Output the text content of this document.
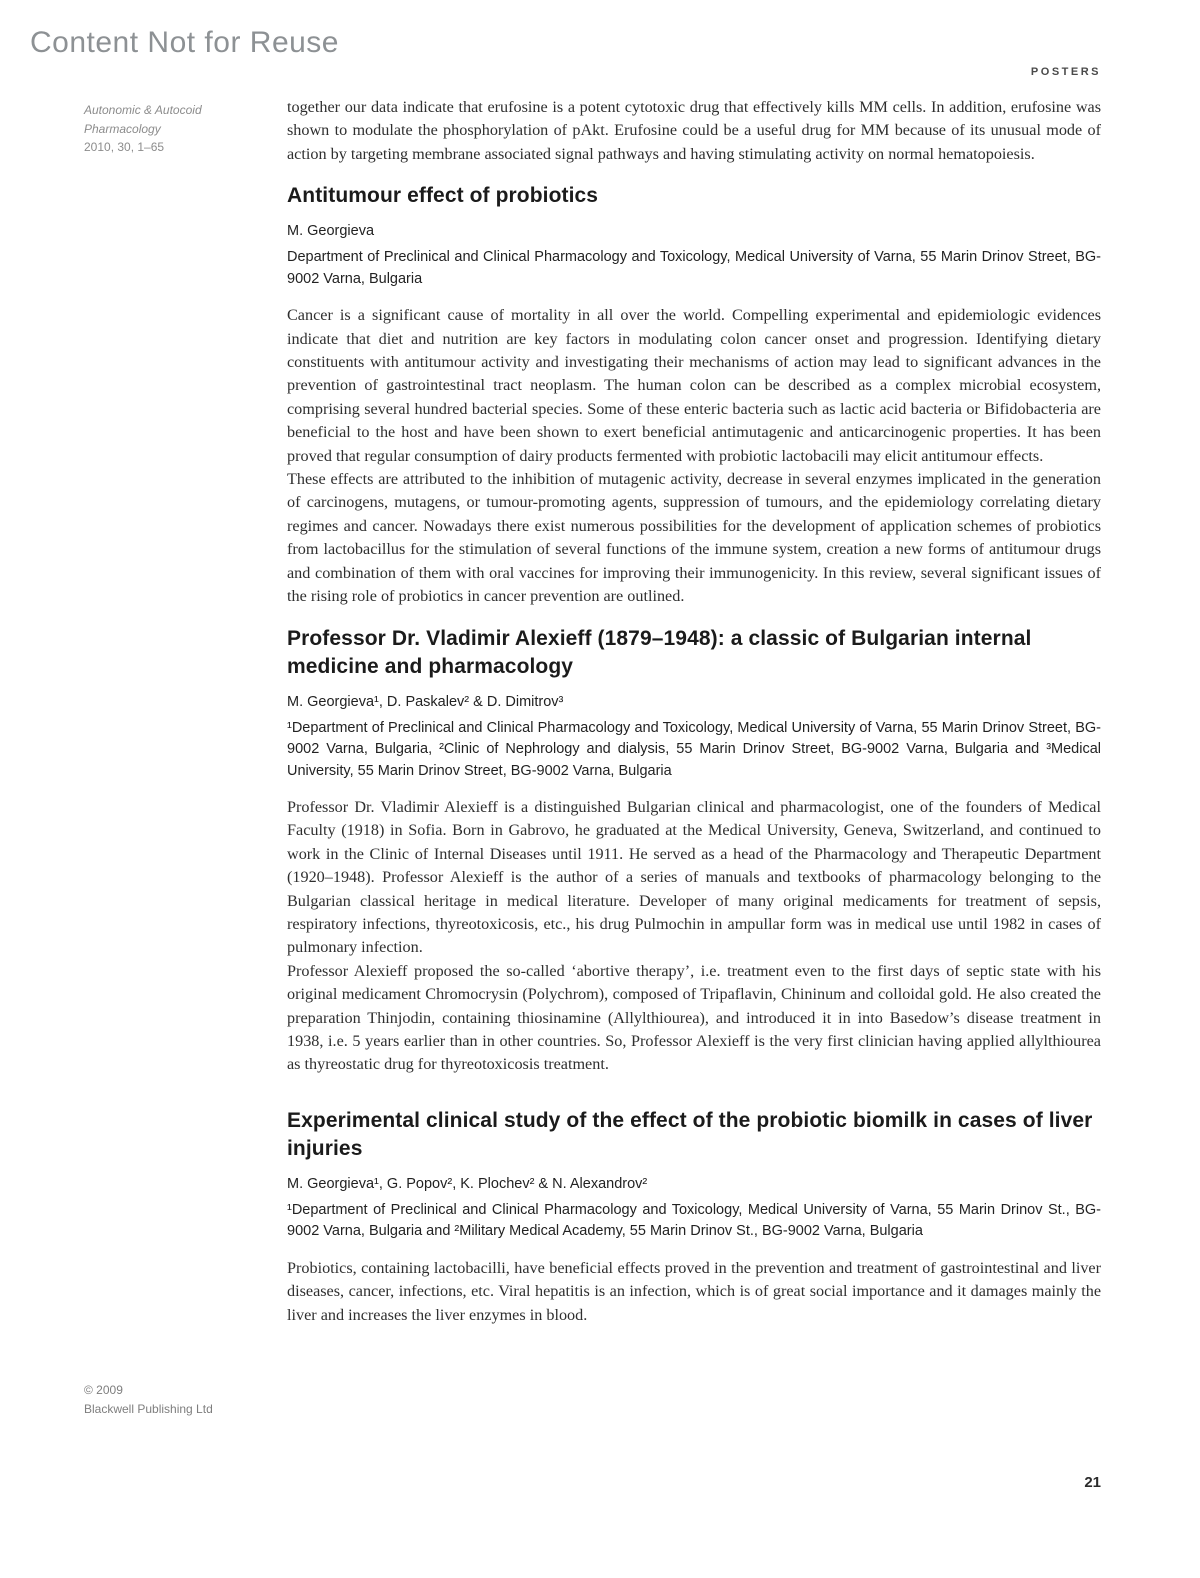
Content Not for Reuse
POSTERS
Autonomic & Autocoid
Pharmacology
2010, 30, 1–65

together our data indicate that erufosine is a potent cytotoxic drug that effectively kills MM cells. In addition, erufosine was shown to modulate the phosphorylation of pAkt. Erufosine could be a useful drug for MM because of its unusual mode of action by targeting membrane associated signal pathways and having stimulating activity on normal hematopoiesis.

Antitumour effect of probiotics

M. Georgieva

Department of Preclinical and Clinical Pharmacology and Toxicology, Medical University of Varna, 55 Marin Drinov Street, BG-9002 Varna, Bulgaria

Cancer is a significant cause of mortality in all over the world. Compelling experimental and epidemiologic evidences indicate that diet and nutrition are key factors in modulating colon cancer onset and progression. Identifying dietary constituents with antitumour activity and investigating their mechanisms of action may lead to significant advances in the prevention of gastrointestinal tract neoplasm. The human colon can be described as a complex microbial ecosystem, comprising several hundred bacterial species. Some of these enteric bacteria such as lactic acid bacteria or Bifidobacteria are beneficial to the host and have been shown to exert beneficial antimutagenic and anticarcinogenic properties. It has been proved that regular consumption of dairy products fermented with probiotic lactobacili may elicit antitumour effects.

These effects are attributed to the inhibition of mutagenic activity, decrease in several enzymes implicated in the generation of carcinogens, mutagens, or tumour-promoting agents, suppression of tumours, and the epidemiology correlating dietary regimes and cancer. Nowadays there exist numerous possibilities for the development of application schemes of probiotics from lactobacillus for the stimulation of several functions of the immune system, creation a new forms of antitumour drugs and combination of them with oral vaccines for improving their immunogenicity. In this review, several significant issues of the rising role of probiotics in cancer prevention are outlined.

Professor Dr. Vladimir Alexieff (1879–1948): a classic of Bulgarian internal medicine and pharmacology

M. Georgieva¹, D. Paskalev² & D. Dimitrov³

¹Department of Preclinical and Clinical Pharmacology and Toxicology, Medical University of Varna, 55 Marin Drinov Street, BG-9002 Varna, Bulgaria, ²Clinic of Nephrology and dialysis, 55 Marin Drinov Street, BG-9002 Varna, Bulgaria and ³Medical University, 55 Marin Drinov Street, BG-9002 Varna, Bulgaria

Professor Dr. Vladimir Alexieff is a distinguished Bulgarian clinical and pharmacologist, one of the founders of Medical Faculty (1918) in Sofia. Born in Gabrovo, he graduated at the Medical University, Geneva, Switzerland, and continued to work in the Clinic of Internal Diseases until 1911. He served as a head of the Pharmacology and Therapeutic Department (1920–1948). Professor Alexieff is the author of a series of manuals and textbooks of pharmacology belonging to the Bulgarian classical heritage in medical literature. Developer of many original medicaments for treatment of sepsis, respiratory infections, thyreotoxicosis, etc., his drug Pulmochin in ampullar form was in medical use until 1982 in cases of pulmonary infection.

Professor Alexieff proposed the so-called ‘abortive therapy’, i.e. treatment even to the first days of septic state with his original medicament Chromocrysin (Polychrom), composed of Tripaflavin, Chininum and colloidal gold. He also created the preparation Thinjodin, containing thiosinamine (Allylthiourea), and introduced it in into Basedow’s disease treatment in 1938, i.e. 5 years earlier than in other countries. So, Professor Alexieff is the very first clinician having applied allylthiourea as thyreostatic drug for thyreotoxicosis treatment.

Experimental clinical study of the effect of the probiotic biomilk in cases of liver injuries

M. Georgieva¹, G. Popov², K. Plochev² & N. Alexandrov²

¹Department of Preclinical and Clinical Pharmacology and Toxicology, Medical University of Varna, 55 Marin Drinov St., BG-9002 Varna, Bulgaria and ²Military Medical Academy, 55 Marin Drinov St., BG-9002 Varna, Bulgaria

Probiotics, containing lactobacilli, have beneficial effects proved in the prevention and treatment of gastrointestinal and liver diseases, cancer, infections, etc. Viral hepatitis is an infection, which is of great social importance and it damages mainly the liver and increases the liver enzymes in blood.

© 2009
Blackwell Publishing Ltd
21
